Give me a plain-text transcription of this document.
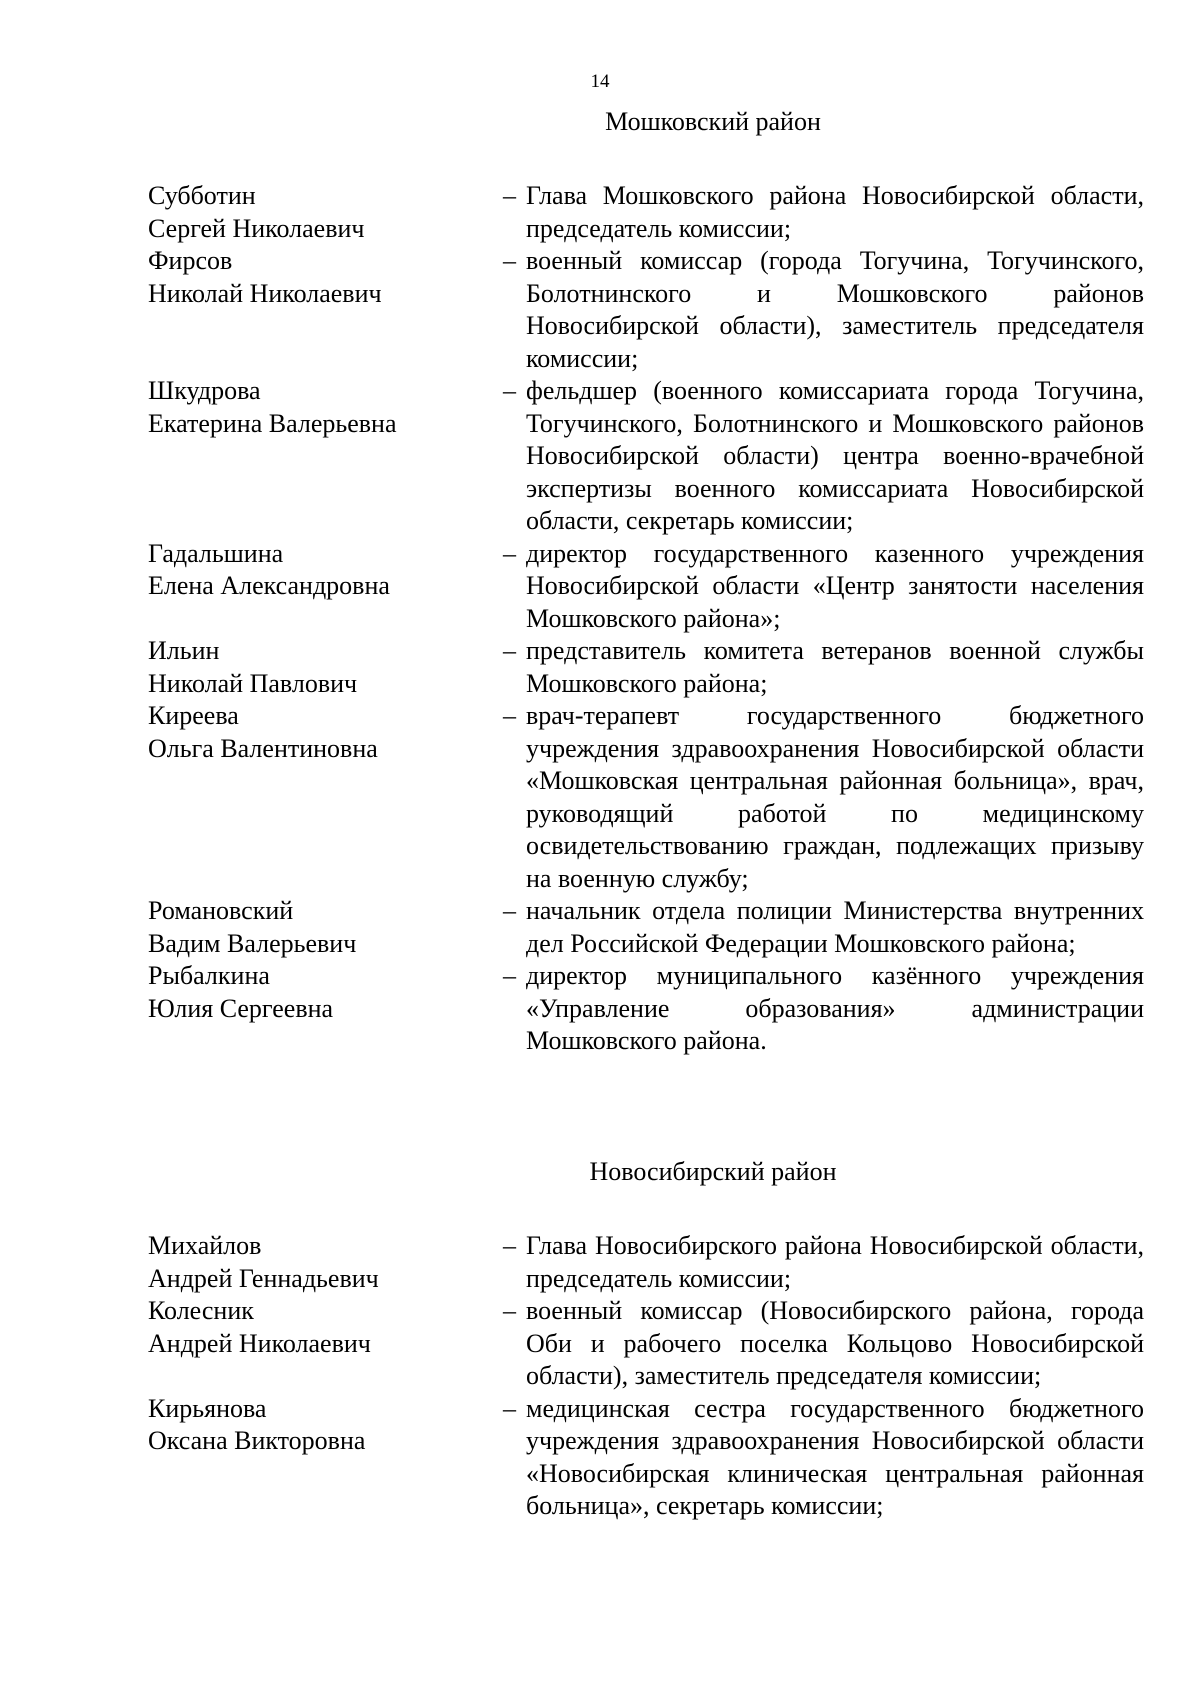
14
Мошковский район
Субботин
Сергей Николаевич
– Глава Мошковского района Новосибирской области, председатель комиссии;
Фирсов
Николай Николаевич
– военный комиссар (города Тогучина, Тогучинского, Болотнинского и Мошковского районов Новосибирской области), заместитель председателя комиссии;
Шкудрова
Екатерина Валерьевна
– фельдшер (военного комиссариата города Тогучина, Тогучинского, Болотнинского и Мошковского районов Новосибирской области) центра военно-врачебной экспертизы военного комиссариата Новосибирской области, секретарь комиссии;
Гадальшина
Елена Александровна
– директор государственного казенного учреждения Новосибирской области «Центр занятости населения Мошковского района»;
Ильин
Николай Павлович
– представитель комитета ветеранов военной службы Мошковского района;
Киреева
Ольга Валентиновна
– врач-терапевт государственного бюджетного учреждения здравоохранения Новосибирской области «Мошковская центральная районная больница», врач, руководящий работой по медицинскому освидетельствованию граждан, подлежащих призыву на военную службу;
Романовский
Вадим Валерьевич
– начальник отдела полиции Министерства внутренних дел Российской Федерации Мошковского района;
Рыбалкина
Юлия Сергеевна
– директор муниципального казённого учреждения «Управление образования» администрации Мошковского района.
Новосибирский район
Михайлов
Андрей Геннадьевич
– Глава Новосибирского района Новосибирской области, председатель комиссии;
Колесник
Андрей Николаевич
– военный комиссар (Новосибирского района, города Оби и рабочего поселка Кольцово Новосибирской области), заместитель председателя комиссии;
Кирьянова
Оксана Викторовна
– медицинская сестра государственного бюджетного учреждения здравоохранения Новосибирской области «Новосибирская клиническая центральная районная больница», секретарь комиссии;
